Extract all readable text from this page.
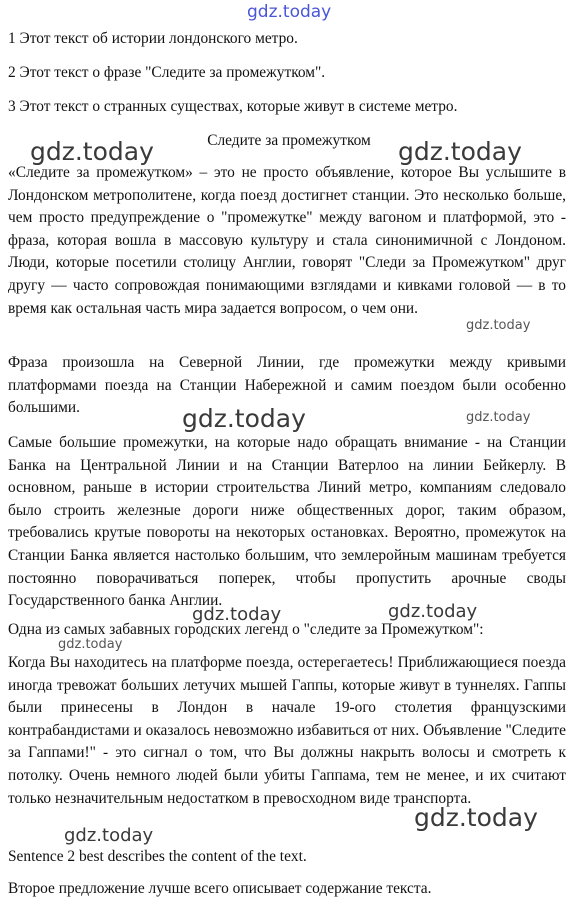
gdz.today
1 Этот текст об истории лондонского метро.
2 Этот текст о фразе "Следите за промежутком".
3 Этот текст о странных существах, которые живут в системе метро.
Следите за промежутком
«Следите за промежутком» – это не просто объявление, которое Вы услышите в Лондонском метрополитене, когда поезд достигнет станции. Это несколько больше, чем просто предупреждение о "промежутке" между вагоном и платформой, это - фраза, которая вошла в массовую культуру и стала синонимичной с Лондоном. Люди, которые посетили столицу Англии, говорят "Следи за Промежутком" друг другу — часто сопровождая понимающими взглядами и кивками головой — в то время как остальная часть мира задается вопросом, о чем они.
Фраза произошла на Северной Линии, где промежутки между кривыми платформами поезда на Станции Набережной и самим поездом были особенно большими.
Самые большие промежутки, на которые надо обращать внимание - на Станции Банка на Центральной Линии и на Станции Ватерлоо на линии Бейкерлу. В основном, раньше в истории строительства Линий метро, компаниям следовало было строить железные дороги ниже общественных дорог, таким образом, требовались крутые повороты на некоторых остановках. Вероятно, промежуток на Станции Банка является настолько большим, что землеройным машинам требуется постоянно поворачиваться поперек, чтобы пропустить арочные своды Государственного банка Англии.
Одна из самых забавных городских легенд о "следите за Промежутком":
Когда Вы находитесь на платформе поезда, остерегаетесь! Приближающиеся поезда иногда тревожат больших летучих мышей Гаппы, которые живут в туннелях. Гаппы были принесены в Лондон в начале 19-ого столетия французскими контрабандистами и оказалось невозможно избавиться от них. Объявление "Следите за Гаппами!" - это сигнал о том, что Вы должны накрыть волосы и смотреть к потолку. Очень немного людей были убиты Гаппама, тем не менее, и их считают только незначительным недостатком в превосходном виде транспорта.
Sentence 2 best describes the content of the text.
Второе предложение лучше всего описывает содержание текста.
gdz.today	gdz.today
gdz.today
gdz.today	gdz.today
gdz.today	gdz.today
gdz.today
gdz.today
gdz.today
